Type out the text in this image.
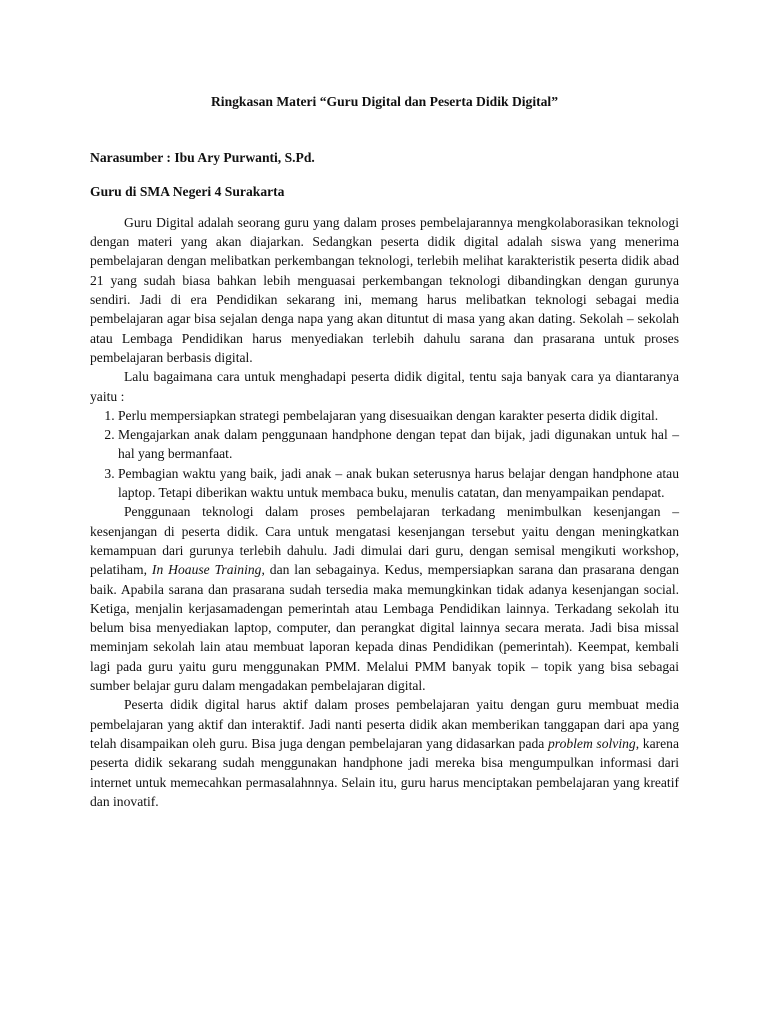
Ringkasan Materi “Guru Digital dan Peserta Didik Digital”
Narasumber : Ibu Ary Purwanti, S.Pd.
Guru di SMA Negeri 4 Surakarta

Guru Digital adalah seorang guru yang dalam proses pembelajarannya mengkolaborasikan teknologi dengan materi yang akan diajarkan. Sedangkan peserta didik digital adalah siswa yang menerima pembelajaran dengan melibatkan perkembangan teknologi, terlebih melihat karakteristik peserta didik abad 21 yang sudah biasa bahkan lebih menguasai perkembangan teknologi dibandingkan dengan gurunya sendiri. Jadi di era Pendidikan sekarang ini, memang harus melibatkan teknologi sebagai media pembelajaran agar bisa sejalan denga napa yang akan dituntut di masa yang akan dating. Sekolah – sekolah atau Lembaga Pendidikan harus menyediakan terlebih dahulu sarana dan prasarana untuk proses pembelajaran berbasis digital.

Lalu bagaimana cara untuk menghadapi peserta didik digital, tentu saja banyak cara ya diantaranya yaitu :

1. Perlu mempersiapkan strategi pembelajaran yang disesuaikan dengan karakter peserta didik digital.
2. Mengajarkan anak dalam penggunaan handphone dengan tepat dan bijak, jadi digunakan untuk hal – hal yang bermanfaat.
3. Pembagian waktu yang baik, jadi anak – anak bukan seterusnya harus belajar dengan handphone atau laptop. Tetapi diberikan waktu untuk membaca buku, menulis catatan, dan menyampaikan pendapat.

Penggunaan teknologi dalam proses pembelajaran terkadang menimbulkan kesenjangan – kesenjangan di peserta didik. Cara untuk mengatasi kesenjangan tersebut yaitu dengan meningkatkan kemampuan dari gurunya terlebih dahulu. Jadi dimulai dari guru, dengan semisal mengikuti workshop, pelatiham, In Hoause Training, dan lan sebagainya. Kedus, mempersiapkan sarana dan prasarana dengan baik. Apabila sarana dan prasarana sudah tersedia maka memungkinkan tidak adanya kesenjangan social. Ketiga, menjalin kerjasamadengan pemerintah atau Lembaga Pendidikan lainnya. Terkadang sekolah itu belum bisa menyediakan laptop, computer, dan perangkat digital lainnya secara merata. Jadi bisa missal meminjam sekolah lain atau membuat laporan kepada dinas Pendidikan (pemerintah). Keempat, kembali lagi pada guru yaitu guru menggunakan PMM. Melalui PMM banyak topik – topik yang bisa sebagai sumber belajar guru dalam mengadakan pembelajaran digital.

Peserta didik digital harus aktif dalam proses pembelajaran yaitu dengan guru membuat media pembelajaran yang aktif dan interaktif. Jadi nanti peserta didik akan memberikan tanggapan dari apa yang telah disampaikan oleh guru. Bisa juga dengan pembelajaran yang didasarkan pada problem solving, karena peserta didik sekarang sudah menggunakan handphone jadi mereka bisa mengumpulkan informasi dari internet untuk memecahkan permasalahnnya. Selain itu, guru harus menciptakan pembelajaran yang kreatif dan inovatif.
